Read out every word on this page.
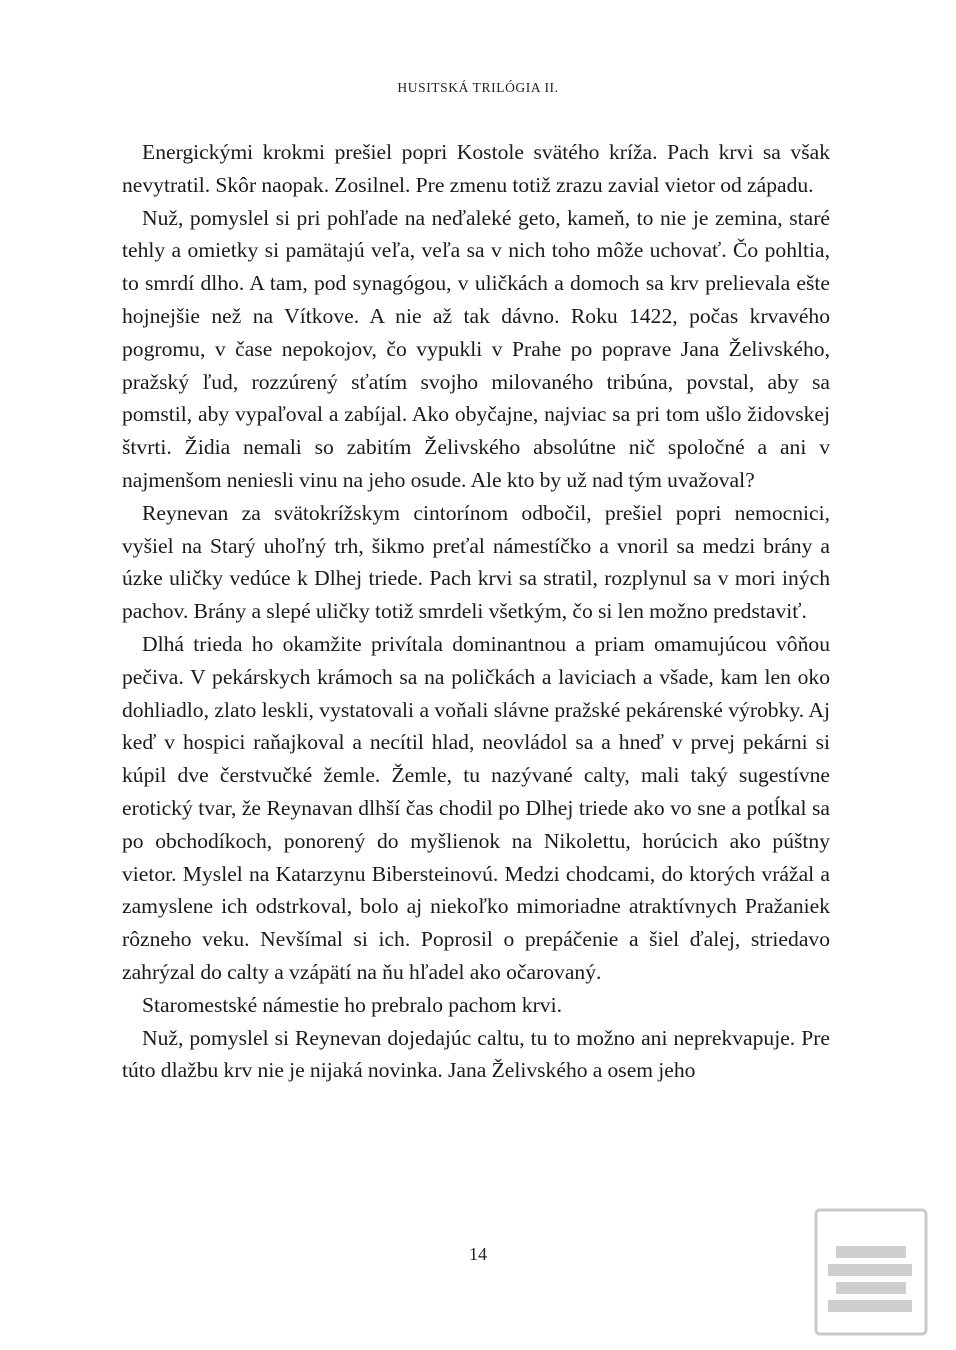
HUSITSKÁ TRILÓGIA II.

Energickými krokmi prešiel popri Kostole svätého kríža. Pach krvi sa však nevytratil. Skôr naopak. Zosilnel. Pre zmenu totiž zrazu zavial vietor od západu.

Nuž, pomyslel si pri pohľade na neďaleké geto, kameň, to nie je zemina, staré tehly a omietky si pamätajú veľa, veľa sa v nich toho môže uchovať. Čo pohltia, to smrdí dlho. A tam, pod synagógou, v uličkách a domoch sa krv prelievala ešte hojnejšie než na Vítkove. A nie až tak dávno. Roku 1422, počas krvavého pogromu, v čase nepokojov, čo vypukli v Prahe po poprave Jana Želivského, pražský ľud, rozzúrený sťatím svojho milovaného tribúna, povstal, aby sa pomstil, aby vypaľoval a zabíjal. Ako obyčajne, najviac sa pri tom ušlo židovskej štvrti. Židia nemali so zabitím Želivského absolútne nič spoločné a ani v najmenšom neniesli vinu na jeho osude. Ale kto by už nad tým uvažoval?

Reynevan za svätokrížskym cintorínom odbočil, prešiel popri nemocnici, vyšiel na Starý uhoľný trh, šikmo preťal námestíčko a vnoril sa medzi brány a úzke uličky vedúce k Dlhej triede. Pach krvi sa stratil, rozplynul sa v mori iných pachov. Brány a slepé uličky totiž smrdeli všetkým, čo si len možno predstaviť.

Dlhá trieda ho okamžite privítala dominantnou a priam omamujúcou vôňou pečiva. V pekárskych krámoch sa na poličkách a laviciach a všade, kam len oko dohliadlo, zlato leskli, vystatovali a voňali slávne pražské pekárenské výrobky. Aj keď v hospici raňajkoval a necítil hlad, neovládol sa a hneď v prvej pekárni si kúpil dve čerstvučké žemle. Žemle, tu nazývané calty, mali taký sugestívne erotický tvar, že Reynavan dlhší čas chodil po Dlhej triede ako vo sne a potĺkal sa po obchodíkoch, ponorený do myšlienok na Nikolettu, horúcich ako púštny vietor. Myslel na Katarzynu Bibersteinovú. Medzi chodcami, do ktorých vrážal a zamyslene ich odstrkoval, bolo aj niekoľko mimoriadne atraktívnych Pražaniek rôzneho veku. Nevšímal si ich. Poprosil o prepáčenie a šiel ďalej, striedavo zahrýzal do calty a vzápätí na ňu hľadel ako očarovaný.

Staromestské námestie ho prebralo pachom krvi.

Nuž, pomyslel si Reynevan dojedajúc caltu, tu to možno ani neprekvapuje. Pre túto dlažbu krv nie je nijaká novinka. Jana Želivského a osem jeho

14
